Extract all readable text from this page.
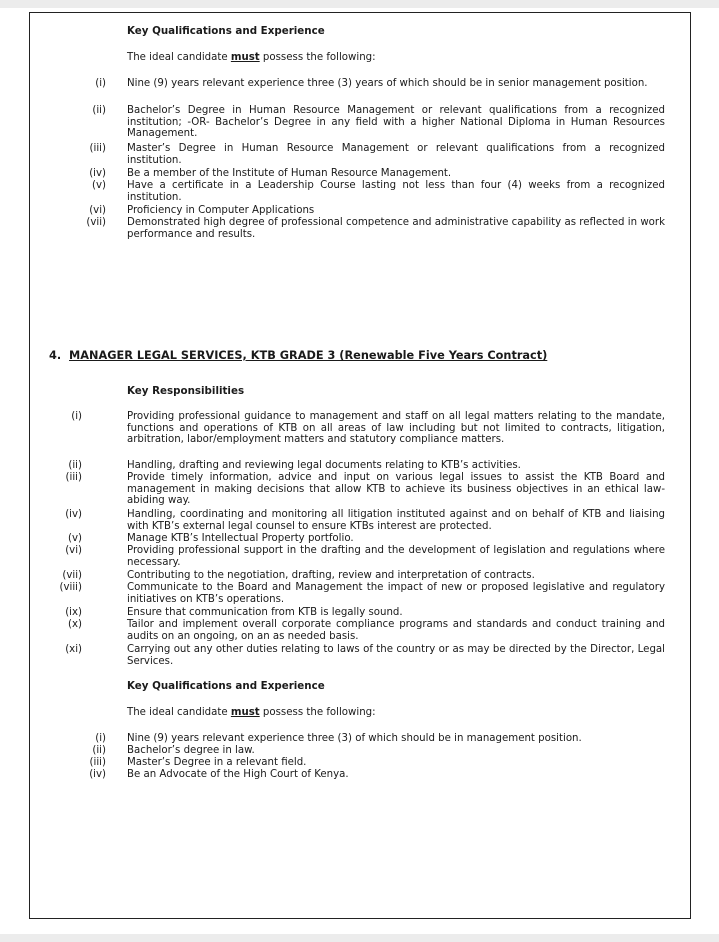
Key Qualifications and Experience
The ideal candidate must possess the following:
(i) Nine (9) years relevant experience three (3) years of which should be in senior management position.
(ii) Bachelor’s Degree in Human Resource Management or relevant qualifications from a recognized institution; -OR- Bachelor’s Degree in any field with a higher National Diploma in Human Resources Management.
(iii) Master’s Degree in Human Resource Management or relevant qualifications from a recognized institution.
(iv) Be a member of the Institute of Human Resource Management.
(v) Have a certificate in a Leadership Course lasting not less than four (4) weeks from a recognized institution.
(vi) Proficiency in Computer Applications
(vii) Demonstrated high degree of professional competence and administrative capability as reflected in work performance and results.
4. MANAGER LEGAL SERVICES, KTB GRADE 3 (Renewable Five Years Contract)
Key Responsibilities
(i)	Providing professional guidance to management and staff on all legal matters relating to the mandate, functions and operations of KTB on all areas of law including but not limited to contracts, litigation, arbitration, labor/employment matters and statutory compliance matters.
(ii)	Handling, drafting and reviewing legal documents relating to KTB’s activities.
(iii)	Provide timely information, advice and input on various legal issues to assist the KTB Board and management in making decisions that allow KTB to achieve its business objectives in an ethical law-abiding way.
(iv)	Handling, coordinating and monitoring all litigation instituted against and on behalf of KTB and liaising with KTB’s external legal counsel to ensure KTBs interest are protected.
(v)	Manage KTB’s Intellectual Property portfolio.
(vi)	Providing professional support in the drafting and the development of legislation and regulations where necessary.
(vii)	Contributing to the negotiation, drafting, review and interpretation of contracts.
(viii)	Communicate to the Board and Management the impact of new or proposed legislative and regulatory initiatives on KTB’s operations.
(ix)	Ensure that communication from KTB is legally sound.
(x)	Tailor and implement overall corporate compliance programs and standards and conduct training and audits on an ongoing, on an as needed basis.
(xi)	Carrying out any other duties relating to laws of the country or as may be directed by the Director, Legal Services.
Key Qualifications and Experience
The ideal candidate must possess the following:
(i) Nine (9) years relevant experience three (3) of which should be in management position.
(ii) Bachelor’s degree in law.
(iii) Master’s Degree in a relevant field.
(iv) Be an Advocate of the High Court of Kenya.
